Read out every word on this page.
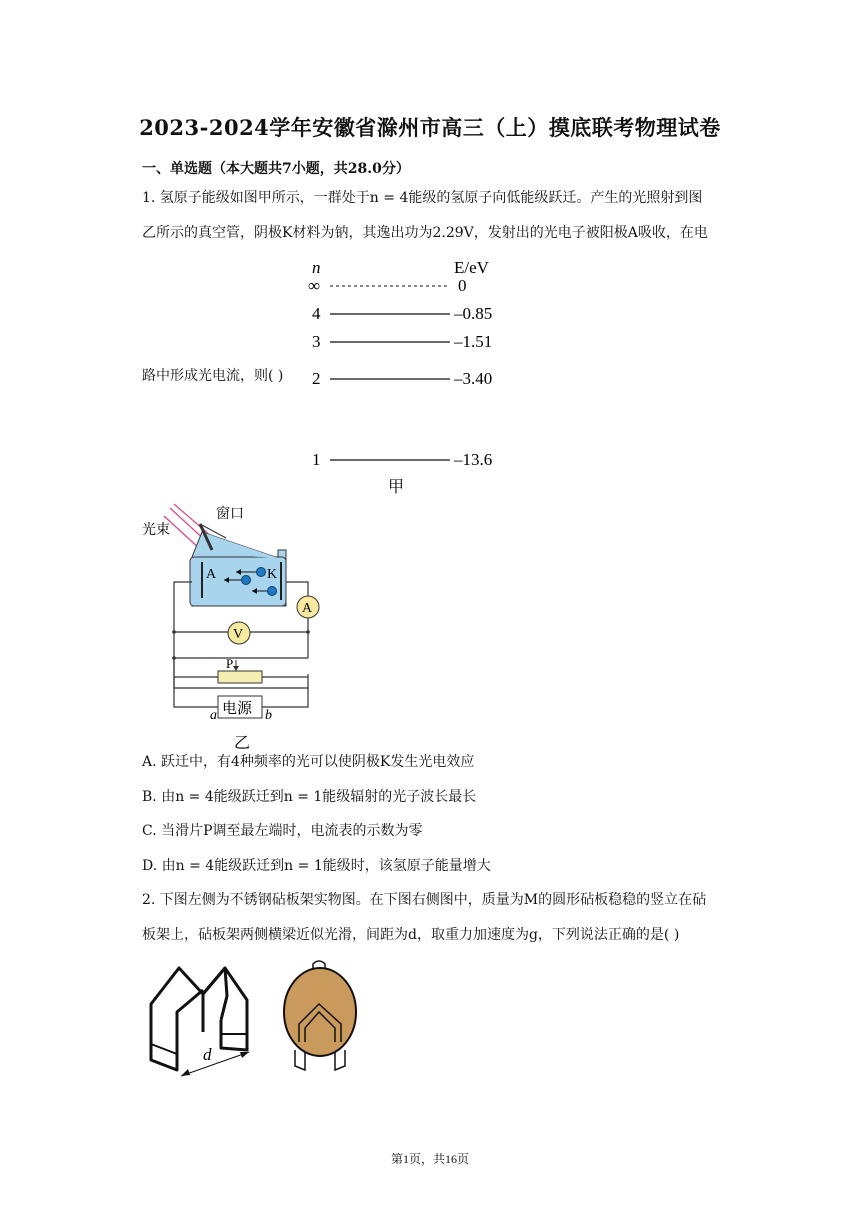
2023-2024学年安徽省滁州市高三（上）摸底联考物理试卷
一、单选题（本大题共7小题，共28.0分）
1. 氢原子能级如图甲所示，一群处于n = 4能级的氢原子向低能级跃迁。产生的光照射到图
乙所示的真空管，阴极K材料为钠，其逸出功为2.29V，发射出的光电子被阳极A吸收，在电
路中形成光电流，则( )
n	E/eV
∞	0
4	–0.85
3	–1.51
2	–3.40
1	–13.6
甲
光束
窗口
A	K
A
V
P
电源
a	b
乙
A. 跃迁中，有4种频率的光可以使阴极K发生光电效应
B. 由n = 4能级跃迁到n = 1能级辐射的光子波长最长
C. 当滑片P调至最左端时，电流表的示数为零
D. 由n = 4能级跃迁到n = 1能级时，该氢原子能量增大
2. 下图左侧为不锈钢砧板架实物图。在下图右侧图中，质量为M的圆形砧板稳稳的竖立在砧
板架上，砧板架两侧横梁近似光滑，间距为d，取重力加速度为g，下列说法正确的是( )
d
第1页，共16页
